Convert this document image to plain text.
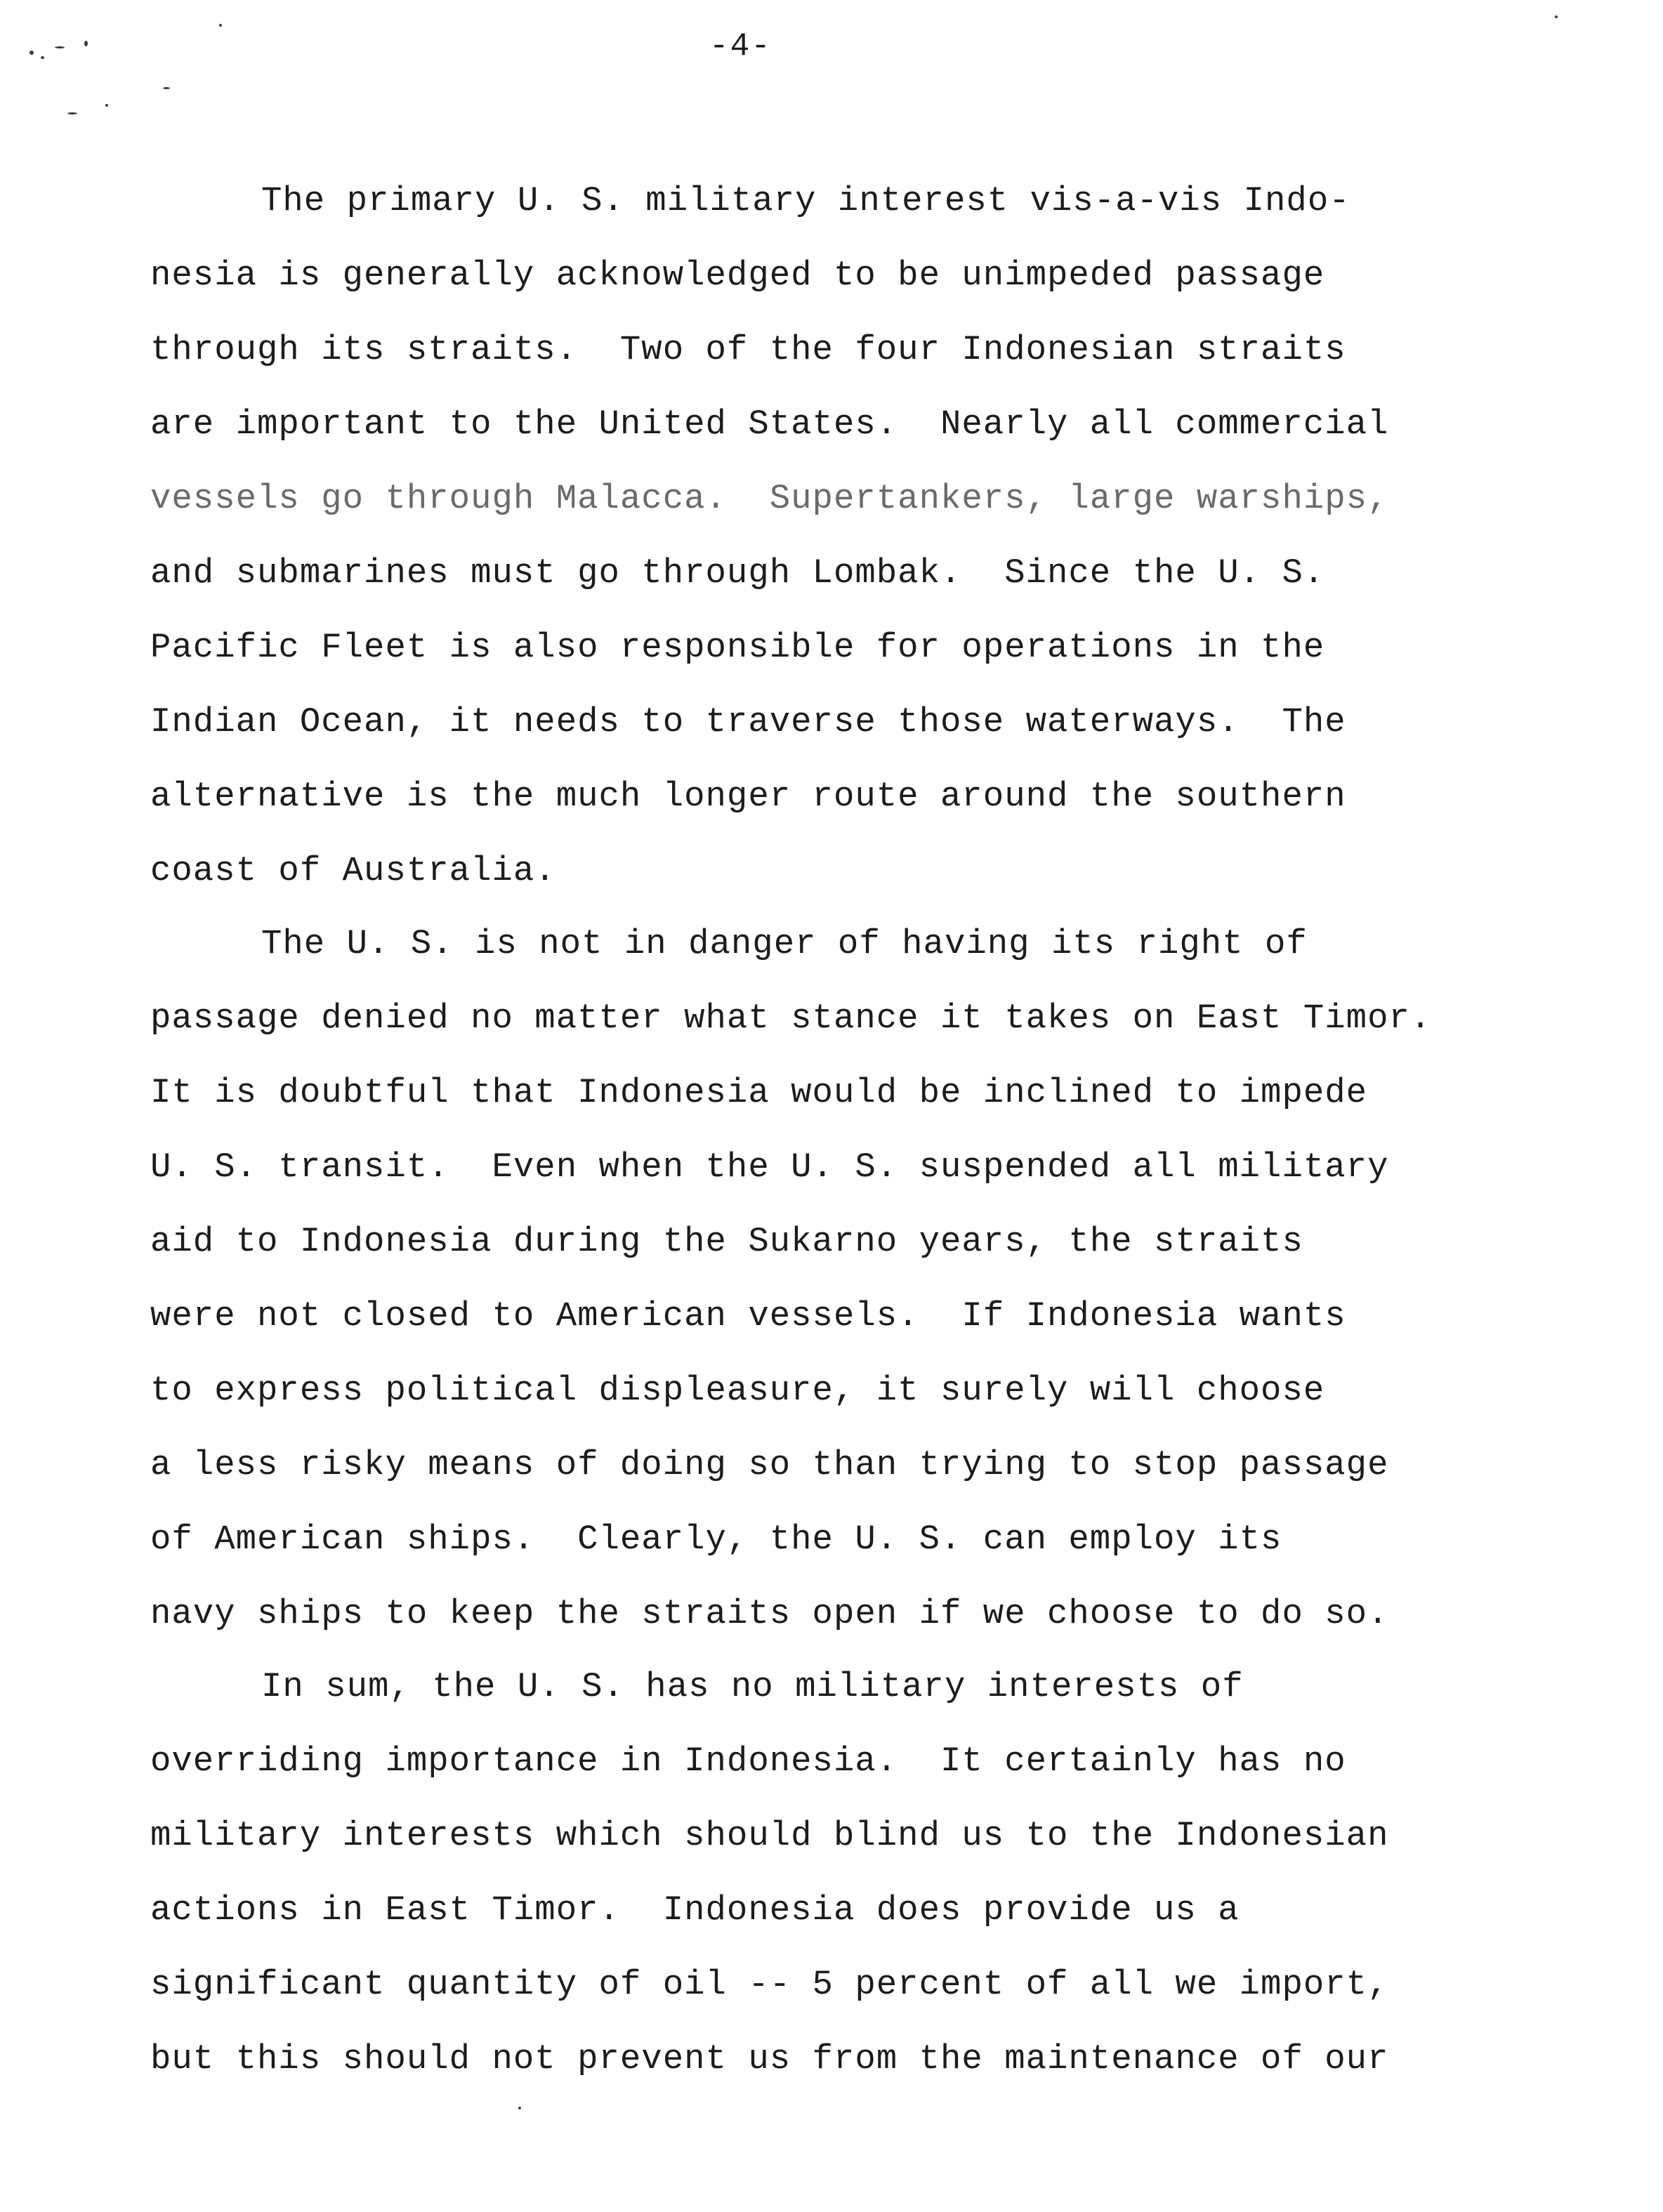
-4-
The primary U. S. military interest vis-a-vis Indo-
nesia is generally acknowledged to be unimpeded passage
through its straits.  Two of the four Indonesian straits
are important to the United States.  Nearly all commercial
vessels go through Malacca.  Supertankers, large warships,
and submarines must go through Lombak.  Since the U. S.
Pacific Fleet is also responsible for operations in the
Indian Ocean, it needs to traverse those waterways.  The
alternative is the much longer route around the southern
coast of Australia.
The U. S. is not in danger of having its right of
passage denied no matter what stance it takes on East Timor.
It is doubtful that Indonesia would be inclined to impede
U. S. transit.  Even when the U. S. suspended all military
aid to Indonesia during the Sukarno years, the straits
were not closed to American vessels.  If Indonesia wants
to express political displeasure, it surely will choose
a less risky means of doing so than trying to stop passage
of American ships.  Clearly, the U. S. can employ its
navy ships to keep the straits open if we choose to do so.
In sum, the U. S. has no military interests of
overriding importance in Indonesia.  It certainly has no
military interests which should blind us to the Indonesian
actions in East Timor.  Indonesia does provide us a
significant quantity of oil -- 5 percent of all we import,
but this should not prevent us from the maintenance of our
